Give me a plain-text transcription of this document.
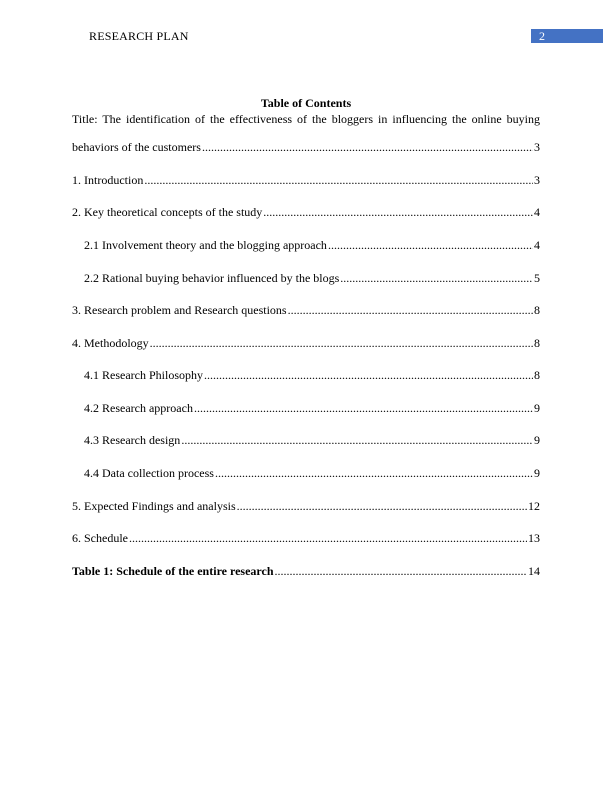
RESEARCH PLAN	2
Table of Contents
Title: The identification of the effectiveness of the bloggers in influencing the online buying
behaviors of the customers .....	3
1. Introduction .....	3
2. Key theoretical concepts of the study .....	4
2.1 Involvement theory and the blogging approach .....	4
2.2 Rational buying behavior influenced by the blogs .....	5
3. Research problem and Research questions .....	8
4. Methodology .....	8
4.1 Research Philosophy .....	8
4.2 Research approach .....	9
4.3 Research design .....	9
4.4 Data collection process .....	9
5. Expected Findings and analysis .....	12
6. Schedule .....	13
Table 1: Schedule of the entire research .....	14
